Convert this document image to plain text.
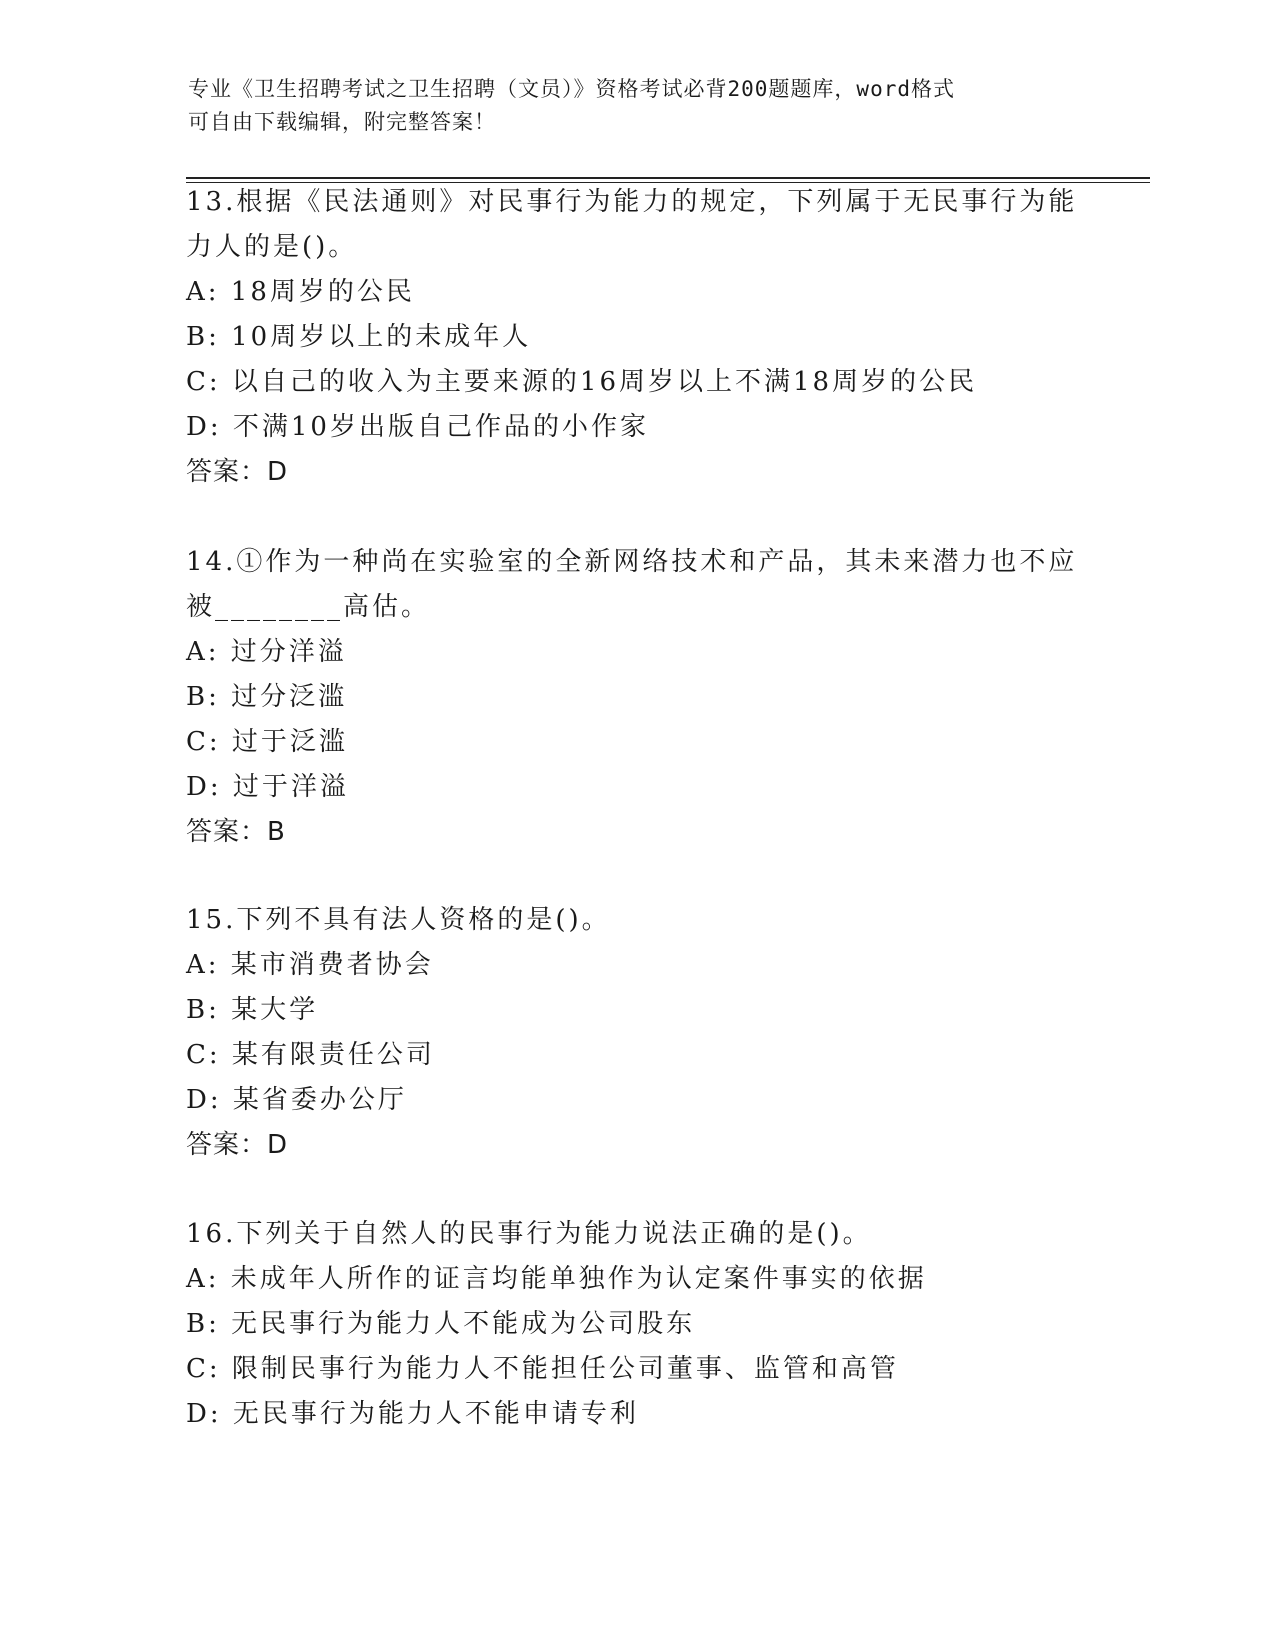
专业《卫生招聘考试之卫生招聘（文员）》资格考试必背200题题库，word格式
可自由下载编辑，附完整答案！
13.根据《民法通则》对民事行为能力的规定，下列属于无民事行为能
力人的是()。
A: 18周岁的公民
B: 10周岁以上的未成年人
C: 以自己的收入为主要来源的16周岁以上不满18周岁的公民
D: 不满10岁出版自己作品的小作家
答案：D
14.①作为一种尚在实验室的全新网络技术和产品，其未来潜力也不应
被________高估。
A: 过分洋溢
B: 过分泛滥
C: 过于泛滥
D: 过于洋溢
答案：B
15.下列不具有法人资格的是()。
A: 某市消费者协会
B: 某大学
C: 某有限责任公司
D: 某省委办公厅
答案：D
16.下列关于自然人的民事行为能力说法正确的是()。
A: 未成年人所作的证言均能单独作为认定案件事实的依据
B: 无民事行为能力人不能成为公司股东
C: 限制民事行为能力人不能担任公司董事、监管和高管
D: 无民事行为能力人不能申请专利
